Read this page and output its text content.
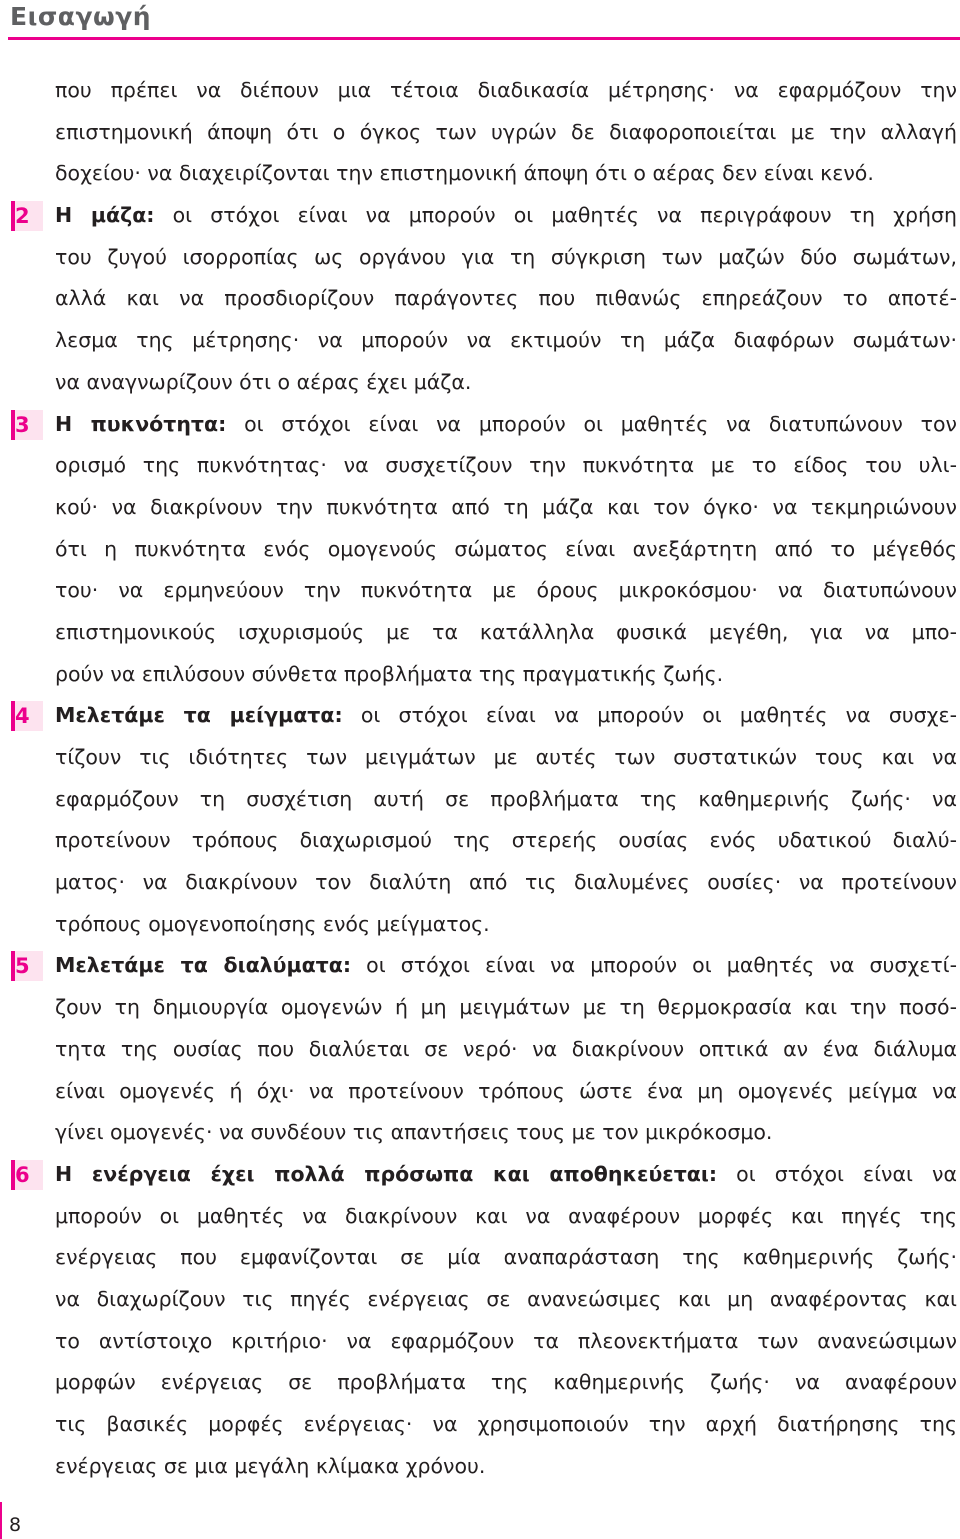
Εισαγωγή
που πρέπει να διέπουν μια τέτοια διαδικασία μέτρησης· να εφαρμόζουν την
επιστημονική άποψη ότι ο όγκος των υγρών δε διαφοροποιείται με την αλλαγή
δοχείου· να διαχειρίζονται την επιστημονική άποψη ότι ο αέρας δεν είναι κενό.
2	Η μάζα: οι στόχοι είναι να μπορούν οι μαθητές να περιγράφουν τη χρήση
του ζυγού ισορροπίας ως οργάνου για τη σύγκριση των μαζών δύο σωμάτων,
αλλά και να προσδιορίζουν παράγοντες που πιθανώς επηρεάζουν το αποτέ-
λεσμα της μέτρησης· να μπορούν να εκτιμούν τη μάζα διαφόρων σωμάτων·
να αναγνωρίζουν ότι ο αέρας έχει μάζα.
3	Η πυκνότητα: οι στόχοι είναι να μπορούν οι μαθητές να διατυπώνουν τον
ορισμό της πυκνότητας· να συσχετίζουν την πυκνότητα με το είδος του υλι-
κού· να διακρίνουν την πυκνότητα από τη μάζα και τον όγκο· να τεκμηριώνουν
ότι η πυκνότητα ενός ομογενούς σώματος είναι ανεξάρτητη από το μέγεθός
του· να ερμηνεύουν την πυκνότητα με όρους μικροκόσμου· να διατυπώνουν
επιστημονικούς ισχυρισμούς με τα κατάλληλα φυσικά μεγέθη, για να μπο-
ρούν να επιλύσουν σύνθετα προβλήματα της πραγματικής ζωής.
4	Μελετάμε τα μείγματα: οι στόχοι είναι να μπορούν οι μαθητές να συσχε-
τίζουν τις ιδιότητες των μειγμάτων με αυτές των συστατικών τους και να
εφαρμόζουν τη συσχέτιση αυτή σε προβλήματα της καθημερινής ζωής· να
προτείνουν τρόπους διαχωρισμού της στερεής ουσίας ενός υδατικού διαλύ-
ματος· να διακρίνουν τον διαλύτη από τις διαλυμένες ουσίες· να προτείνουν
τρόπους ομογενοποίησης ενός μείγματος.
5	Μελετάμε τα διαλύματα: οι στόχοι είναι να μπορούν οι μαθητές να συσχετί-
ζουν τη δημιουργία ομογενών ή μη μειγμάτων με τη θερμοκρασία και την ποσό-
τητα της ουσίας που διαλύεται σε νερό· να διακρίνουν οπτικά αν ένα διάλυμα
είναι ομογενές ή όχι· να προτείνουν τρόπους ώστε ένα μη ομογενές μείγμα να
γίνει ομογενές· να συνδέουν τις απαντήσεις τους με τον μικρόκοσμο.
6	Η ενέργεια έχει πολλά πρόσωπα και αποθηκεύεται: οι στόχοι είναι να
μπορούν οι μαθητές να διακρίνουν και να αναφέρουν μορφές και πηγές της
ενέργειας που εμφανίζονται σε μία αναπαράσταση της καθημερινής ζωής·
να διαχωρίζουν τις πηγές ενέργειας σε ανανεώσιμες και μη αναφέροντας και
το αντίστοιχο κριτήριο· να εφαρμόζουν τα πλεονεκτήματα των ανανεώσιμων
μορφών ενέργειας σε προβλήματα της καθημερινής ζωής· να αναφέρουν
τις βασικές μορφές ενέργειας· να χρησιμοποιούν την αρχή διατήρησης της
ενέργειας σε μια μεγάλη κλίμακα χρόνου.
8
